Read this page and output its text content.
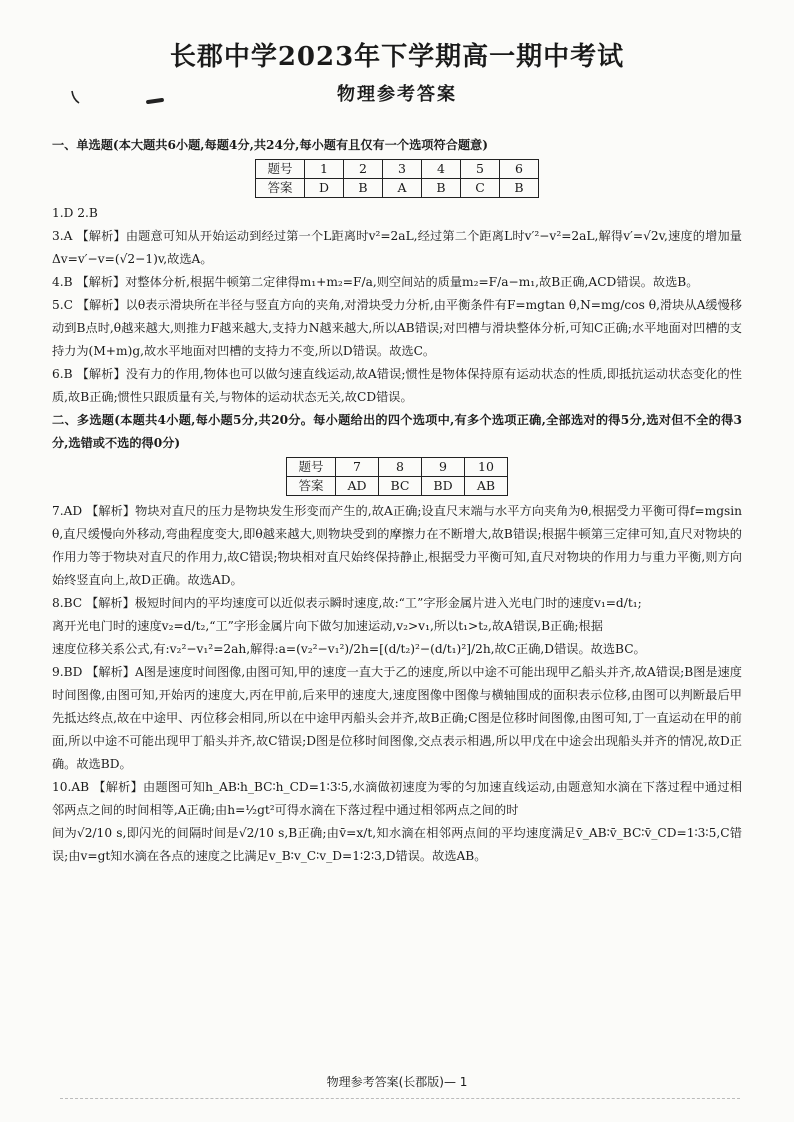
长郡中学2023年下学期高一期中考试
物理参考答案

一、单选题(本大题共6小题,每题4分,共24分,每小题有且仅有一个选项符合题意)

题号	1	2	3	4	5	6
答案	D	B	A	B	C	B

1.D 2.B

3.A 【解析】由题意可知从开始运动到经过第一个L距离时v²=2aL,经过第二个距离L时v′²−v²=2aL,解得v′=√2v,速度的增加量Δv=v′−v=(√2−1)v,故选A。

4.B 【解析】对整体分析,根据牛顿第二定律得m₁+m₂=F/a,则空间站的质量m₂=F/a−m₁,故B正确,ACD错误。故选B。

5.C 【解析】以θ表示滑块所在半径与竖直方向的夹角,对滑块受力分析,由平衡条件有F=mgtan θ,N=mg/cos θ,滑块从A缓慢移动到B点时,θ越来越大,则推力F越来越大,支持力N越来越大,所以AB错误;对凹槽与滑块整体分析,可知C正确;水平地面对凹槽的支持力为(M+m)g,故水平地面对凹槽的支持力不变,所以D错误。故选C。

6.B 【解析】没有力的作用,物体也可以做匀速直线运动,故A错误;惯性是物体保持原有运动状态的性质,即抵抗运动状态变化的性质,故B正确;惯性只跟质量有关,与物体的运动状态无关,故CD错误。

二、多选题(本题共4小题,每小题5分,共20分。每小题给出的四个选项中,有多个选项正确,全部选对的得5分,选对但不全的得3分,选错或不选的得0分)

题号	7	8	9	10
答案	AD	BC	BD	AB

7.AD 【解析】物块对直尺的压力是物块发生形变而产生的,故A正确;设直尺末端与水平方向夹角为θ,根据受力平衡可得f=mgsin θ,直尺缓慢向外移动,弯曲程度变大,即θ越来越大,则物块受到的摩擦力在不断增大,故B错误;根据牛顿第三定律可知,直尺对物块的作用力等于物块对直尺的作用力,故C错误;物块相对直尺始终保持静止,根据受力平衡可知,直尺对物块的作用力与重力平衡,则方向始终竖直向上,故D正确。故选AD。

8.BC 【解析】极短时间内的平均速度可以近似表示瞬时速度,故:“工”字形金属片进入光电门时的速度v₁=d/t₁;

离开光电门时的速度v₂=d/t₂,“工”字形金属片向下做匀加速运动,v₂>v₁,所以t₁>t₂,故A错误,B正确;根据

速度位移关系公式,有:v₂²−v₁²=2ah,解得:a=(v₂²−v₁²)/2h=[(d/t₂)²−(d/t₁)²]/2h,故C正确,D错误。故选BC。

9.BD 【解析】A图是速度时间图像,由图可知,甲的速度一直大于乙的速度,所以中途不可能出现甲乙船头并齐,故A错误;B图是速度时间图像,由图可知,开始丙的速度大,丙在甲前,后来甲的速度大,速度图像中图像与横轴围成的面积表示位移,由图可以判断最后甲先抵达终点,故在中途甲、丙位移会相同,所以在中途甲丙船头会并齐,故B正确;C图是位移时间图像,由图可知,丁一直运动在甲的前面,所以中途不可能出现甲丁船头并齐,故C错误;D图是位移时间图像,交点表示相遇,所以甲戊在中途会出现船头并齐的情况,故D正确。故选BD。

10.AB 【解析】由题图可知h_AB∶h_BC∶h_CD=1∶3∶5,水滴做初速度为零的匀加速直线运动,由题意知水滴在下落过程中通过相邻两点之间的时间相等,A正确;由h=½gt²可得水滴在下落过程中通过相邻两点之间的时

间为√2/10 s,即闪光的间隔时间是√2/10 s,B正确;由v̄=x/t,知水滴在相邻两点间的平均速度满足v̄_AB∶v̄_BC∶v̄_CD=1∶3∶5,C错误;由v=gt知水滴在各点的速度之比满足v_B∶v_C∶v_D=1∶2∶3,D错误。故选AB。

物理参考答案(长郡版)— 1
